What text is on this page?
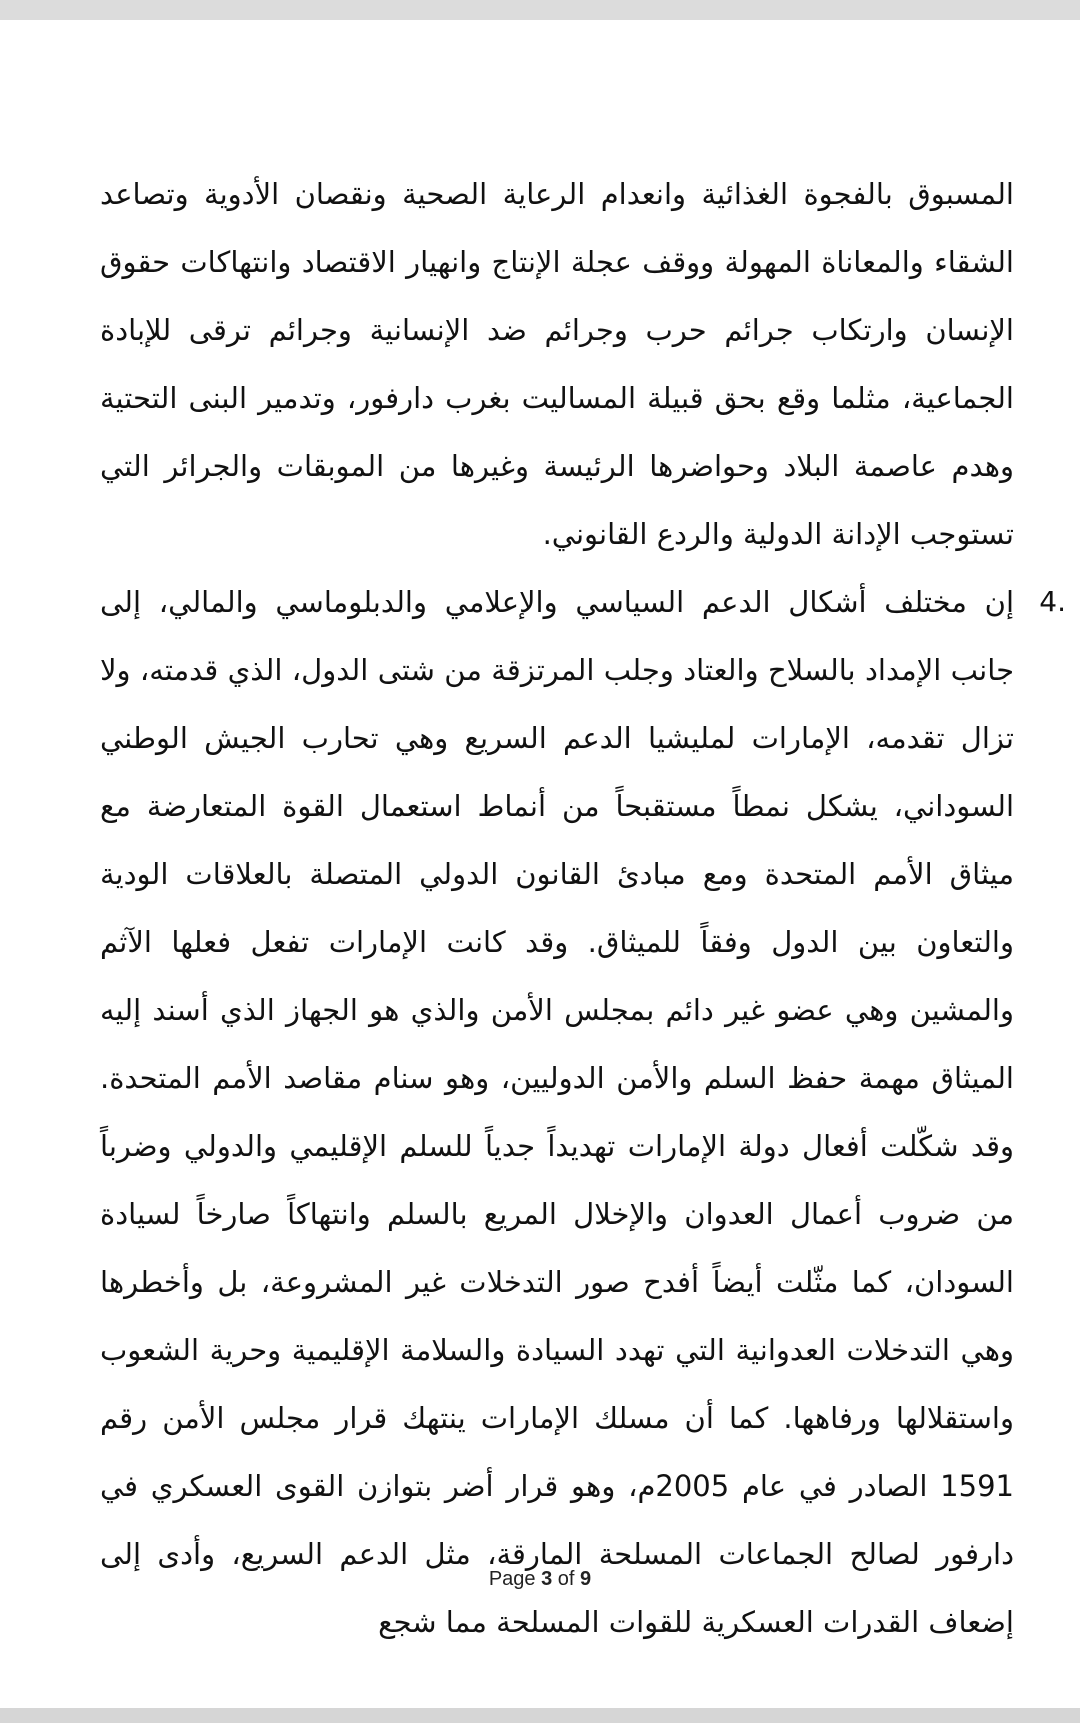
المسبوق بالفجوة الغذائية وانعدام الرعاية الصحية ونقصان الأدوية وتصاعد الشقاء والمعاناة المهولة ووقف عجلة الإنتاج وانهيار الاقتصاد وانتهاكات حقوق الإنسان وارتكاب جرائم حرب وجرائم ضد الإنسانية وجرائم ترقى للإبادة الجماعية، مثلما وقع بحق قبيلة المساليت بغرب دارفور، وتدمير البنى التحتية وهدم عاصمة البلاد وحواضرها الرئيسة وغيرها من الموبقات والجرائر التي تستوجب الإدانة الدولية والردع القانوني.

4.

إن مختلف أشكال الدعم السياسي والإعلامي والدبلوماسي والمالي، إلى جانب الإمداد بالسلاح والعتاد وجلب المرتزقة من شتى الدول، الذي قدمته، ولا تزال تقدمه، الإمارات لمليشيا الدعم السريع وهي تحارب الجيش الوطني السوداني، يشكل نمطاً مستقبحاً من أنماط استعمال القوة المتعارضة مع ميثاق الأمم المتحدة ومع مبادئ القانون الدولي المتصلة بالعلاقات الودية والتعاون بين الدول وفقاً للميثاق. وقد كانت الإمارات تفعل فعلها الآثم والمشين وهي عضو غير دائم بمجلس الأمن والذي هو الجهاز الذي أسند إليه الميثاق مهمة حفظ السلم والأمن الدوليين، وهو سنام مقاصد الأمم المتحدة. وقد شكّلت أفعال دولة الإمارات تهديداً جدياً للسلم الإقليمي والدولي وضرباً من ضروب أعمال العدوان والإخلال المريع بالسلم وانتهاكاً صارخاً لسيادة السودان، كما مثّلت أيضاً أفدح صور التدخلات غير المشروعة، بل وأخطرها وهي التدخلات العدوانية التي تهدد السيادة والسلامة الإقليمية وحرية الشعوب واستقلالها ورفاهها. كما أن مسلك الإمارات ينتهك قرار مجلس الأمن رقم 1591 الصادر في عام 2005م، وهو قرار أضر بتوازن القوى العسكري في دارفور لصالح الجماعات المسلحة المارقة، مثل الدعم السريع، وأدى إلى إضعاف القدرات العسكرية للقوات المسلحة مما شجع

Page 3 of 9
